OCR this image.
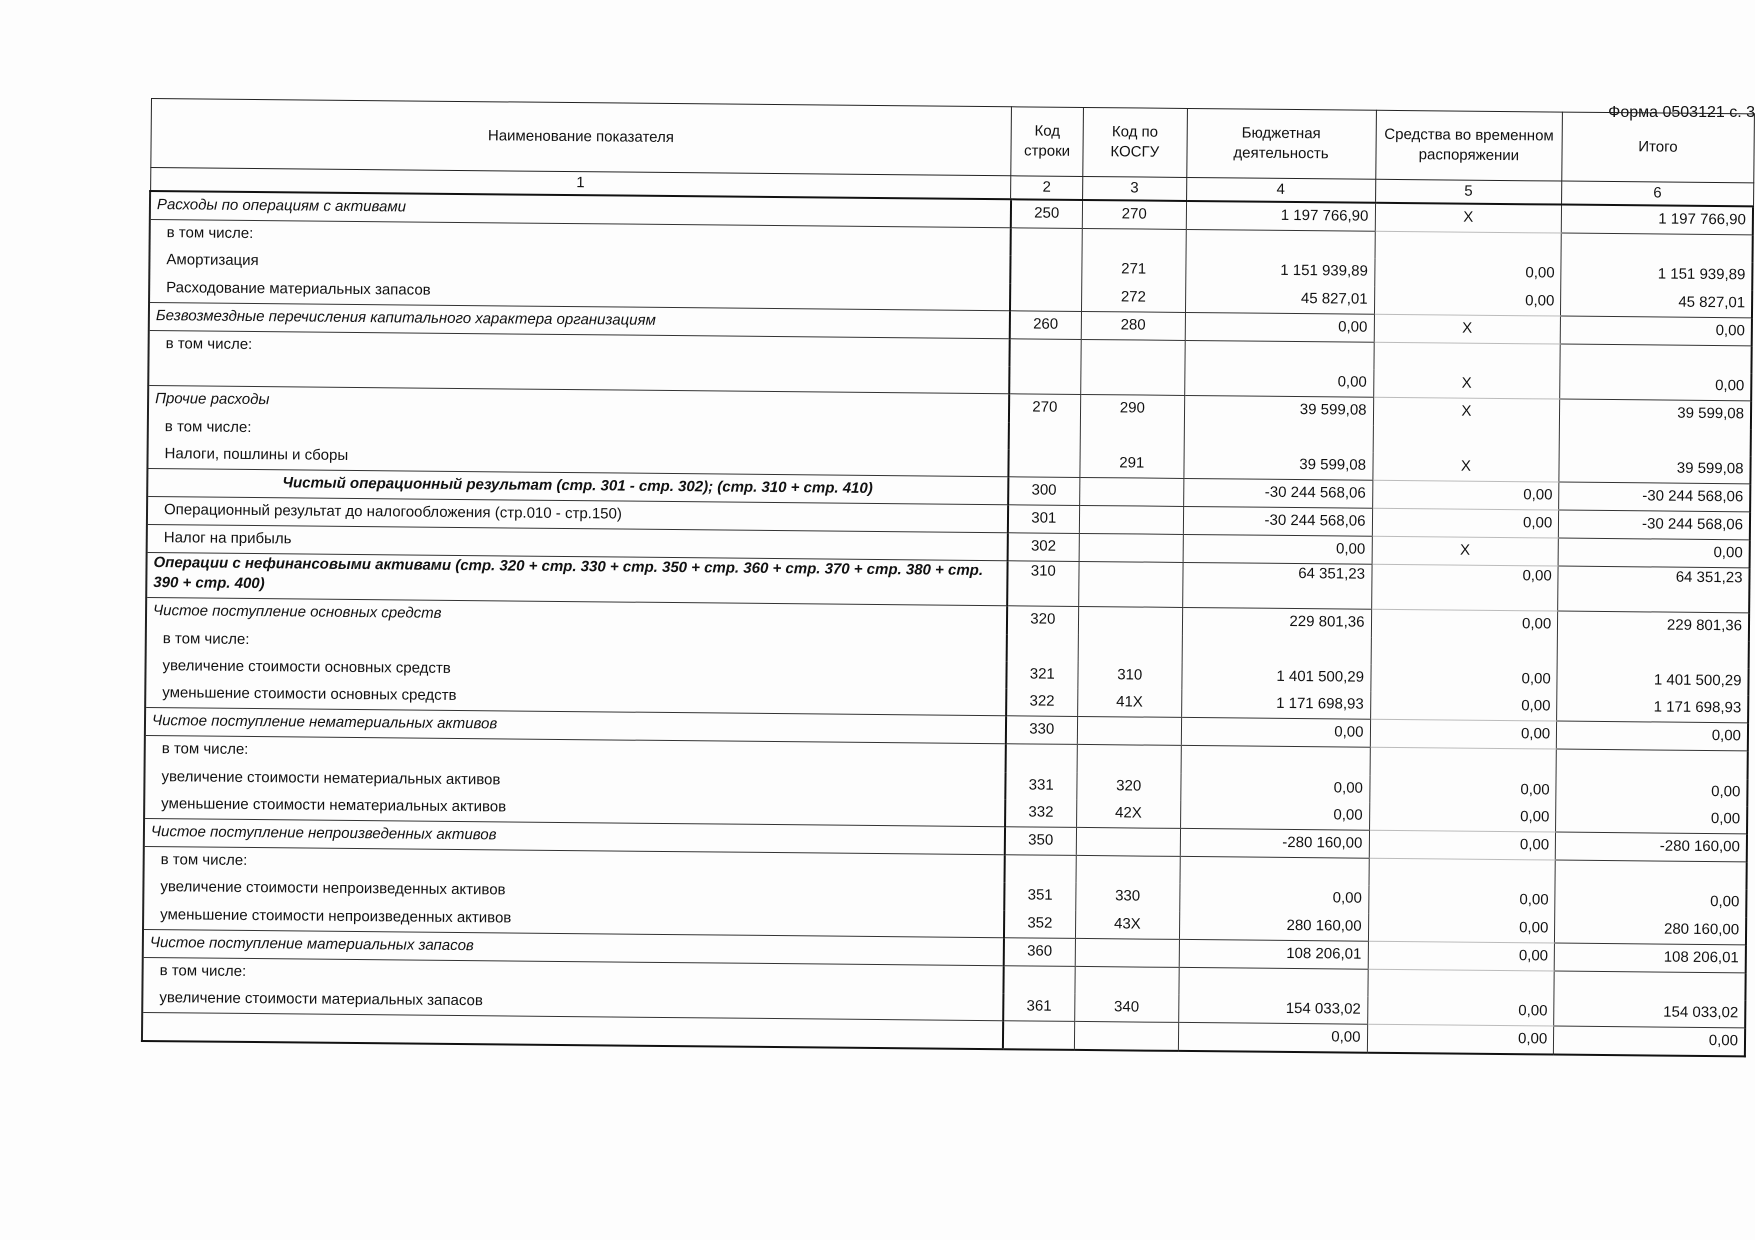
Форма 0503121 с. 3
Наименование показателя	Код строки	Код по КОСГУ	Бюджетная деятельность	Средства во временном распоряжении	Итого
1	2	3	4	5	6
Расходы по операциям с активами	250	270	1 197 766,90	X	1 197 766,90
в том числе:					
Амортизация		271	1 151 939,89	0,00	1 151 939,89
Расходование материальных запасов		272	45 827,01	0,00	45 827,01
Безвозмездные перечисления капитального характера организациям	260	280	0,00	X	0,00
в том числе:					
			0,00	X	0,00
Прочие расходы	270	290	39 599,08	X	39 599,08
в том числе:					
Налоги, пошлины и сборы		291	39 599,08	X	39 599,08
Чистый операционный результат (стр. 301 - стр. 302); (стр. 310 + стр. 410)	300		-30 244 568,06	0,00	-30 244 568,06
Операционный результат до налогообложения (стр.010 - стр.150)	301		-30 244 568,06	0,00	-30 244 568,06
Налог на прибыль	302		0,00	X	0,00
Операции с нефинансовыми активами (стр. 320 + стр. 330 + стр. 350 + стр. 360 + стр. 370 + стр. 380 + стр. 390 + стр. 400)	310		64 351,23	0,00	64 351,23
Чистое поступление основных средств	320		229 801,36	0,00	229 801,36
в том числе:					
увеличение стоимости основных средств	321	310	1 401 500,29	0,00	1 401 500,29
уменьшение стоимости основных средств	322	41X	1 171 698,93	0,00	1 171 698,93
Чистое поступление нематериальных активов	330		0,00	0,00	0,00
в том числе:					
увеличение стоимости нематериальных активов	331	320	0,00	0,00	0,00
уменьшение стоимости нематериальных активов	332	42X	0,00	0,00	0,00
Чистое поступление непроизведенных активов	350		-280 160,00	0,00	-280 160,00
в том числе:					
увеличение стоимости непроизведенных активов	351	330	0,00	0,00	0,00
уменьшение стоимости непроизведенных активов	352	43X	280 160,00	0,00	280 160,00
Чистое поступление материальных запасов	360		108 206,01	0,00	108 206,01
в том числе:					
увеличение стоимости материальных запасов	361	340	154 033,02	0,00	154 033,02
			0,00	0,00	0,00
